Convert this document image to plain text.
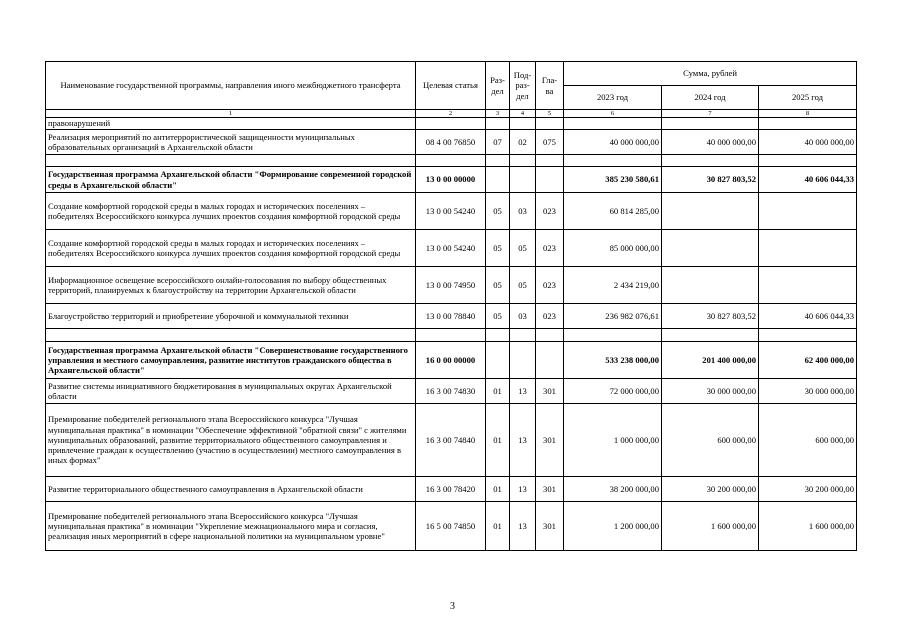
Наименование государственной программы, направления иного межбюджетного трансферта	Целевая статья	Раз-дел	Под-раз-дел	Гла-ва	Сумма, рублей		
					2023 год	2024 год	2025 год
1	2	3	4	5	6	7	8
правонарушений							
Реализация мероприятий по антитеррористической защищенности муниципальных образовательных организаций в Архангельской области	08 4 00 76850	07	02	075	40 000 000,00	40 000 000,00	40 000 000,00

Государственная программа Архангельской области "Формирование современной городской среды в Архангельской области"	13 0 00 00000				385 230 580,61	30 827 803,52	40 606 044,33
Создание комфортной городской среды в малых городах и исторических поселениях – победителях Всероссийского конкурса лучших проектов создания комфортной городской среды	13 0 00 54240	05	03	023	60 814 285,00		
Создание комфортной городской среды в малых городах и исторических поселениях – победителях Всероссийского конкурса лучших проектов создания комфортной городской среды	13 0 00 54240	05	05	023	85 000 000,00		
Информационное освещение всероссийского онлайн-голосования по выбору общественных территорий, планируемых к благоустройству на территории Архангельской области	13 0 00 74950	05	05	023	2 434 219,00		
Благоустройство территорий и приобретение уборочной и коммунальной техники	13 0 00 78840	05	03	023	236 982 076,61	30 827 803,52	40 606 044,33

Государственная программа Архангельской области "Совершенствование государственного управления и местного самоуправления, развитие институтов гражданского общества в Архангельской области"	16 0 00 00000				533 238 000,00	201 400 000,00	62 400 000,00
Развитие системы инициативного бюджетирования в муниципальных округах Архангельской области	16 3 00 74830	01	13	301	72 000 000,00	30 000 000,00	30 000 000,00
Премирование победителей регионального этапа Всероссийского конкурса "Лучшая муниципальная практика" в номинации "Обеспечение эффективной "обратной связи" с жителями муниципальных образований, развитие территориального общественного самоуправления и привлечение граждан к осуществлению (участию в осуществлении) местного самоуправления в иных формах"	16 3 00 74840	01	13	301	1 000 000,00	600 000,00	600 000,00
Развитие территориального общественного самоуправления в Архангельской области	16 3 00 78420	01	13	301	38 200 000,00	30 200 000,00	30 200 000,00
Премирование победителей регионального этапа Всероссийского конкурса "Лучшая муниципальная практика" в номинации "Укрепление межнационального мира и согласия, реализация иных мероприятий в сфере национальной политики на муниципальном уровне"	16 5 00 74850	01	13	301	1 200 000,00	1 600 000,00	1 600 000,00
3
